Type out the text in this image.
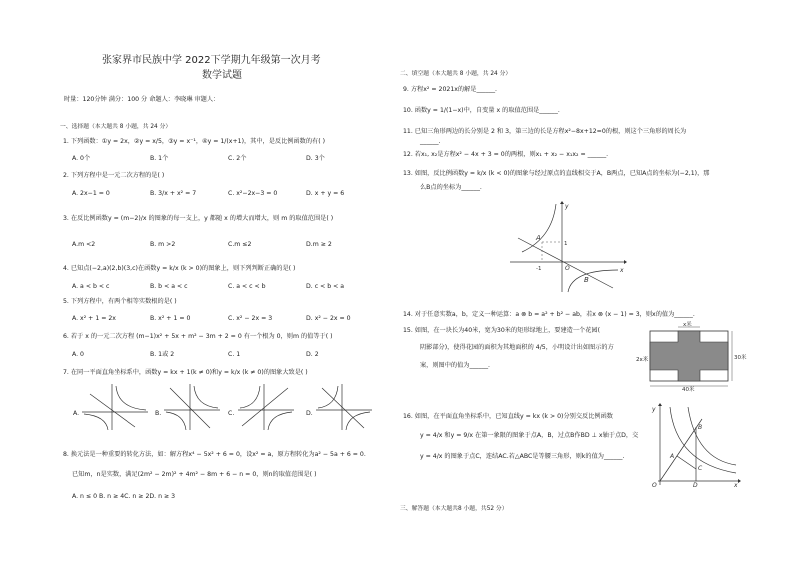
张家界市民族中学 2022下学期九年级第一次月考
数学试题
时量：120分钟 满分：100 分 命题人：李晓琳 审题人：
一、选择题（本大题共 8 小题，共 24 分）
1. 下列函数：①y = 2x，②y = x/5，③y = x⁻¹，④y = 1/(x+1)，其中，是反比例函数的有( )
A. 0个	B. 1个	C. 2个	D. 3个
2. 下列方程中是一元二次方程的是( )
A. 2x−1 = 0	B. 3/x + x² = 7	C. x²−2x−3 = 0	D. x + y = 6
3. 在反比例函数y = (m−2)/x 的图象的每一支上，y 都随 x 的增大而增大，则 m 的取值范围是( )
A.m <2	B. m >2	C.m ≤2	D.m ≥ 2
4. 已知点(−2,a)(2,b)(3,c)在函数y = k/x (k > 0)的图象上，则下列判断正确的是( )
A. a < b < c	B. b < a < c	C. a < c < b	D. c < b < a
5. 下列方程中，有两个相等实数根的是( )
A. x² + 1 = 2x	B. x² + 1 = 0	C. x² − 2x = 3	D. x² − 2x = 0
6. 若于 x 的一元二次方程 (m−1)x² + 5x + m² − 3m + 2 = 0 有一个根为 0，则m 的值等于( )
A. 0	B. 1或 2	C. 1	D. 2
7. 在同一平面直角坐标系中，函数y = kx + 1(k ≠ 0)和y = k/x (k ≠ 0)的图象大致是( )
A.	B.	C.	D.
8. 换元法是一种重要的转化方法，如：解方程x⁴ − 5x² + 6 = 0，设x² = a，原方程转化为a² − 5a + 6 = 0.
已知m，n是实数，满足(2m² − 2m)² + 4m² − 8m + 6 − n = 0，则n的取值范围是( )
A. n ≤ 0 B. n ≥ 4C. n ≥ 2D. n ≥ 3
二、填空题（本大题共 8 小题，共 24 分）
9. 方程x² = 2021x的解是______.
10. 函数y = 1/(1−x)中，自变量 x 的取值范围是______.
11. 已知三角形两边的长分别是 2 和 3，第三边的长是方程x²−8x+12=0的根，则这个三角形的周长为
______.
12. 若x₁, x₂是方程x² − 4x + 3 = 0的两根，则x₁ + x₂ − x₁x₂ = ______.
13. 如图，反比例函数y = k/x (k < 0)的图象与经过原点的直线相交于A，B两点，已知A点的坐标为(−2,1)，那
么B点的坐标为______.
A
B
O	x
y
1
-1
14. 对于任意实数a，b，定义一种运算：a ⊗ b = a² + b² − ab，若x ⊗ (x − 1) = 3，则x的值为______.
15. 如图，在一块长为40米，宽为30米的矩形绿地上，要建造一个花园(
阴影部分)，使得花园的面积为其地面积的 4/5，小明设计出如图示的方
案，则图中的值为______.
x米
30米
40米
2x米
16. 如图，在平面直角坐标系中，已知直线y = kx (k > 0)分别交反比例函数
y = 4/x 和y = 9/x 在第一象限的图象于点A，B，过点B作BD ⊥ x轴于点D，交
y = 4/x 的图象于点C，连结AC.若△ABC是等腰三角形，则k的值为______.	A
B
C
D
O
y
x
三、解答题（本大题共8 小题，共52 分）
